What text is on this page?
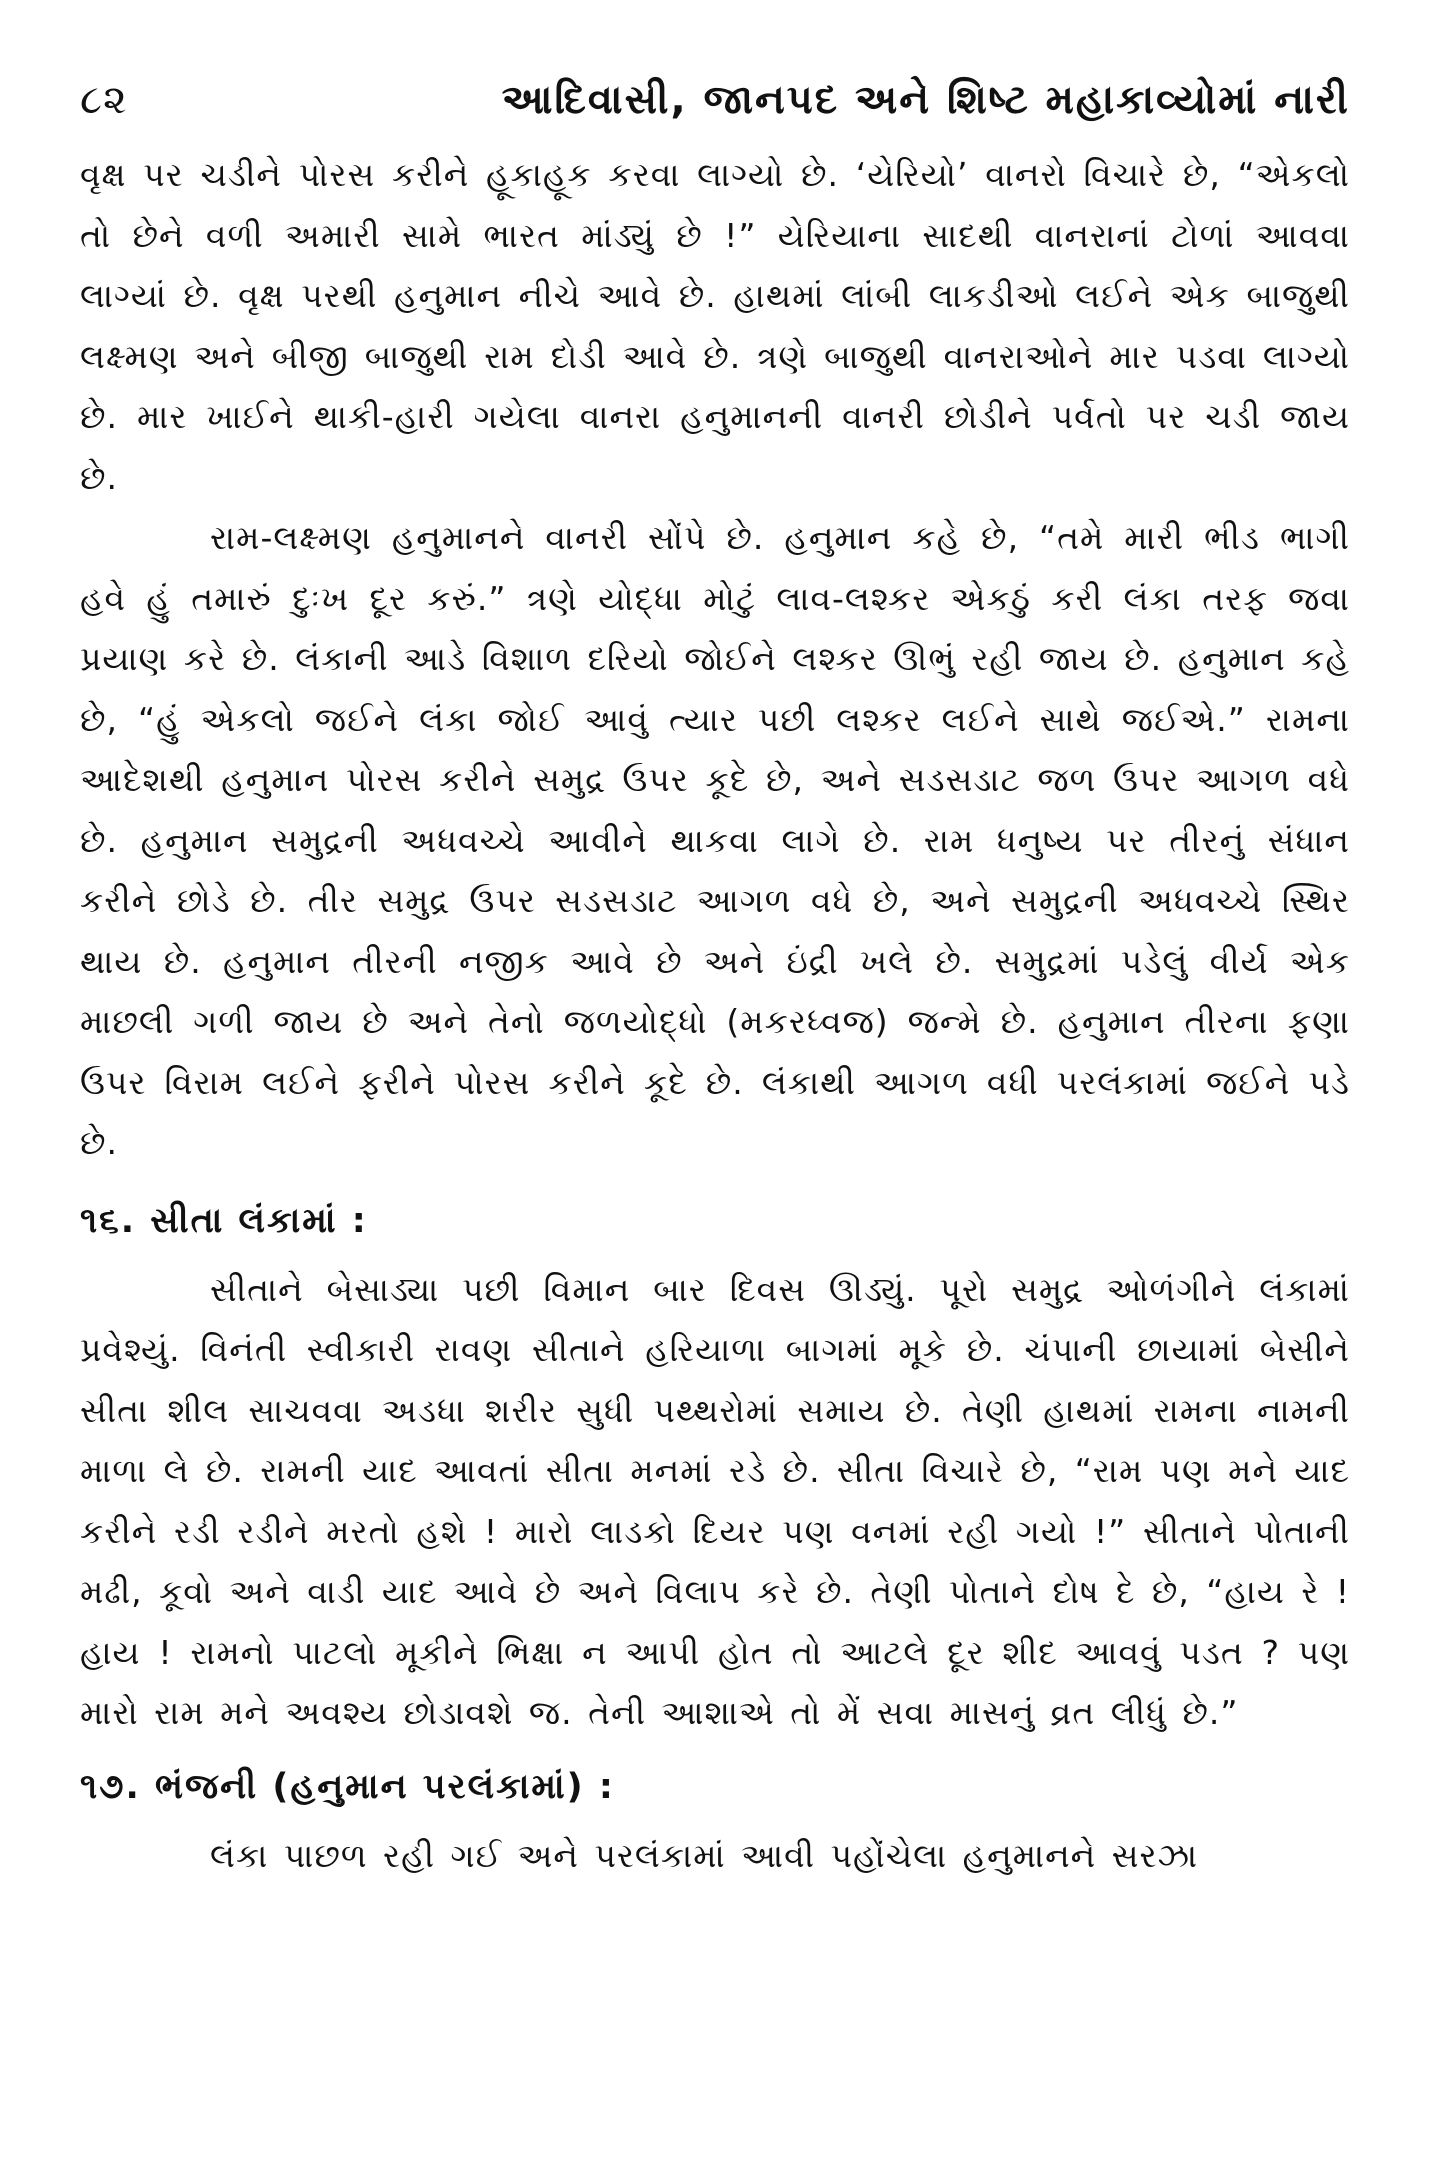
૮૨	આદિવાસી, જાનપદ અને શિષ્ટ મહાકાવ્યોમાં નારી

વૃક્ષ પર ચડીને પોરસ કરીને હૂકાહૂક કરવા લાગ્યો છે. ‘યેરિયો’ વાનરો વિચારે છે, “એકલો તો છેને વળી અમારી સામે ભારત માંડ્યું છે !” યેરિયાના સાદથી વાનરાનાં ટોળાં આવવા લાગ્યાં છે. વૃક્ષ પરથી હનુમાન નીચે આવે છે. હાથમાં લાંબી લાકડીઓ લઈને એક બાજુથી લક્ષ્મણ અને બીજી બાજુથી રામ દોડી આવે છે. ત્રણે બાજુથી વાનરાઓને માર પડવા લાગ્યો છે. માર ખાઈને થાકી-હારી ગયેલા વાનરા હનુમાનની વાનરી છોડીને પર્વતો પર ચડી જાય છે.

રામ-લક્ષ્મણ હનુમાનને વાનરી સોંપે છે. હનુમાન કહે છે, “તમે મારી ભીડ ભાગી હવે હું તમારું દુઃખ દૂર કરું.” ત્રણે યોદ્ધા મોટું લાવ-લશ્કર એકઠું કરી લંકા તરફ જવા પ્રયાણ કરે છે. લંકાની આડે વિશાળ દરિયો જોઈને લશ્કર ઊભું રહી જાય છે. હનુમાન કહે છે, “હું એકલો જઈને લંકા જોઈ આવું ત્યાર પછી લશ્કર લઈને સાથે જઈએ.” રામના આદેશથી હનુમાન પોરસ કરીને સમુદ્ર ઉપર કૂદે છે, અને સડસડાટ જળ ઉપર આગળ વધે છે. હનુમાન સમુદ્રની અધવચ્ચે આવીને થાકવા લાગે છે. રામ ધનુષ્ય પર તીરનું સંધાન કરીને છોડે છે. તીર સમુદ્ર ઉપર સડસડાટ આગળ વધે છે, અને સમુદ્રની અધવચ્ચે સ્થિર થાય છે. હનુમાન તીરની નજીક આવે છે અને ઇંદ્રી ખલે છે. સમુદ્રમાં પડેલું વીર્ય એક માછલી ગળી જાય છે અને તેનો જળયોદ્ધો (મકરધ્વજ) જન્મે છે. હનુમાન તીરના ફણા ઉપર વિરામ લઈને ફરીને પોરસ કરીને કૂદે છે. લંકાથી આગળ વધી પરલંકામાં જઈને પડે છે.

૧૬. સીતા લંકામાં :

સીતાને બેસાડ્યા પછી વિમાન બાર દિવસ ઊડ્યું. પૂરો સમુદ્ર ઓળંગીને લંકામાં પ્રવેશ્યું. વિનંતી સ્વીકારી રાવણ સીતાને હરિયાળા બાગમાં મૂકે છે. ચંપાની છાયામાં બેસીને સીતા શીલ સાચવવા અડધા શરીર સુધી પથ્થરોમાં સમાય છે. તેણી હાથમાં રામના નામની માળા લે છે. રામની યાદ આવતાં સીતા મનમાં રડે છે. સીતા વિચારે છે, “રામ પણ મને યાદ કરીને રડી રડીને મરતો હશે ! મારો લાડકો દિયર પણ વનમાં રહી ગયો !” સીતાને પોતાની મઢી, કૂવો અને વાડી યાદ આવે છે અને વિલાપ કરે છે. તેણી પોતાને દોષ દે છે, “હાય રે ! હાય ! રામનો પાટલો મૂકીને ભિક્ષા ન આપી હોત તો આટલે દૂર શીદ આવવું પડત ? પણ મારો રામ મને અવશ્ય છોડાવશે જ. તેની આશાએ તો મેં સવા માસનું વ્રત લીધું છે.”

૧૭. ભંજની (હનુમાન પરલંકામાં) :

લંકા પાછળ રહી ગઈ અને પરલંકામાં આવી પહોંચેલા હનુમાનને સરઝા
